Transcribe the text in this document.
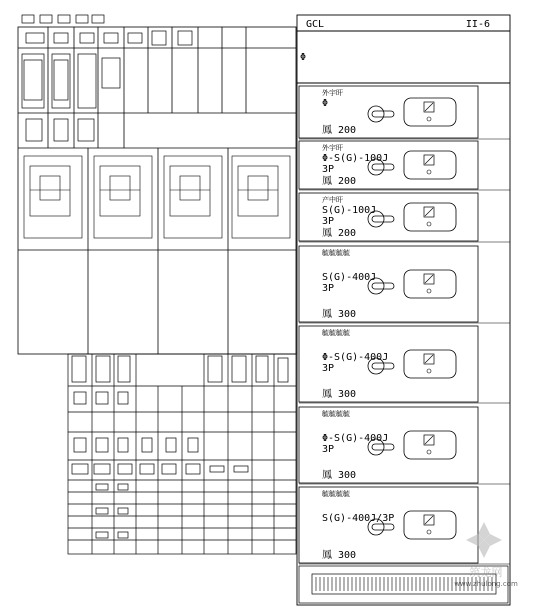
GCL	II-6
Φ
外宇旰
Φ
鳳 200
外宇旰
Φ-S(G)-100J
3P
鳳 200
产中旰
S(G)-100J
3P
鳳 200
毓毓毓毓
S(G)-400J
3P
鳳 300
毓毓毓毓
Φ-S(G)-400J
3P
鳳 300
毓毓毓毓
Φ-S(G)-400J
3P
鳳 300
毓毓毓毓
S(G)-400J/3P
鳳 300
筑龙网
www.zhulong.com
